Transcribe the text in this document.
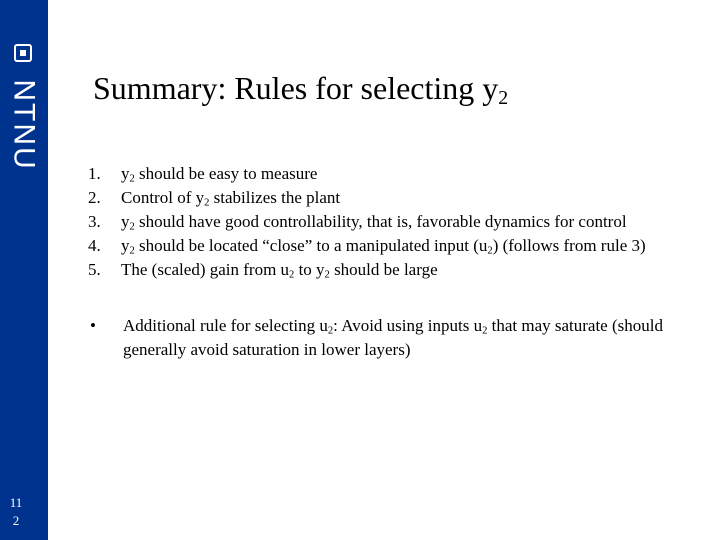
NTNU
11
2
Summary: Rules for selecting $y_2$
1.	$y_2$ should be easy to measure
2.	Control of $y_2$ stabilizes the plant
3.	$y_2$ should have good controllability, that is, favorable dynamics for control
4.	$y_2$ should be located “close” to a manipulated input $(u_2)$ (follows from rule 3)
5.	The (scaled) gain from $u_2$ to $y_2$ should be large
•	Additional rule for selecting $u_2$: Avoid using inputs $u_2$ that may saturate (should generally avoid saturation in lower layers)
